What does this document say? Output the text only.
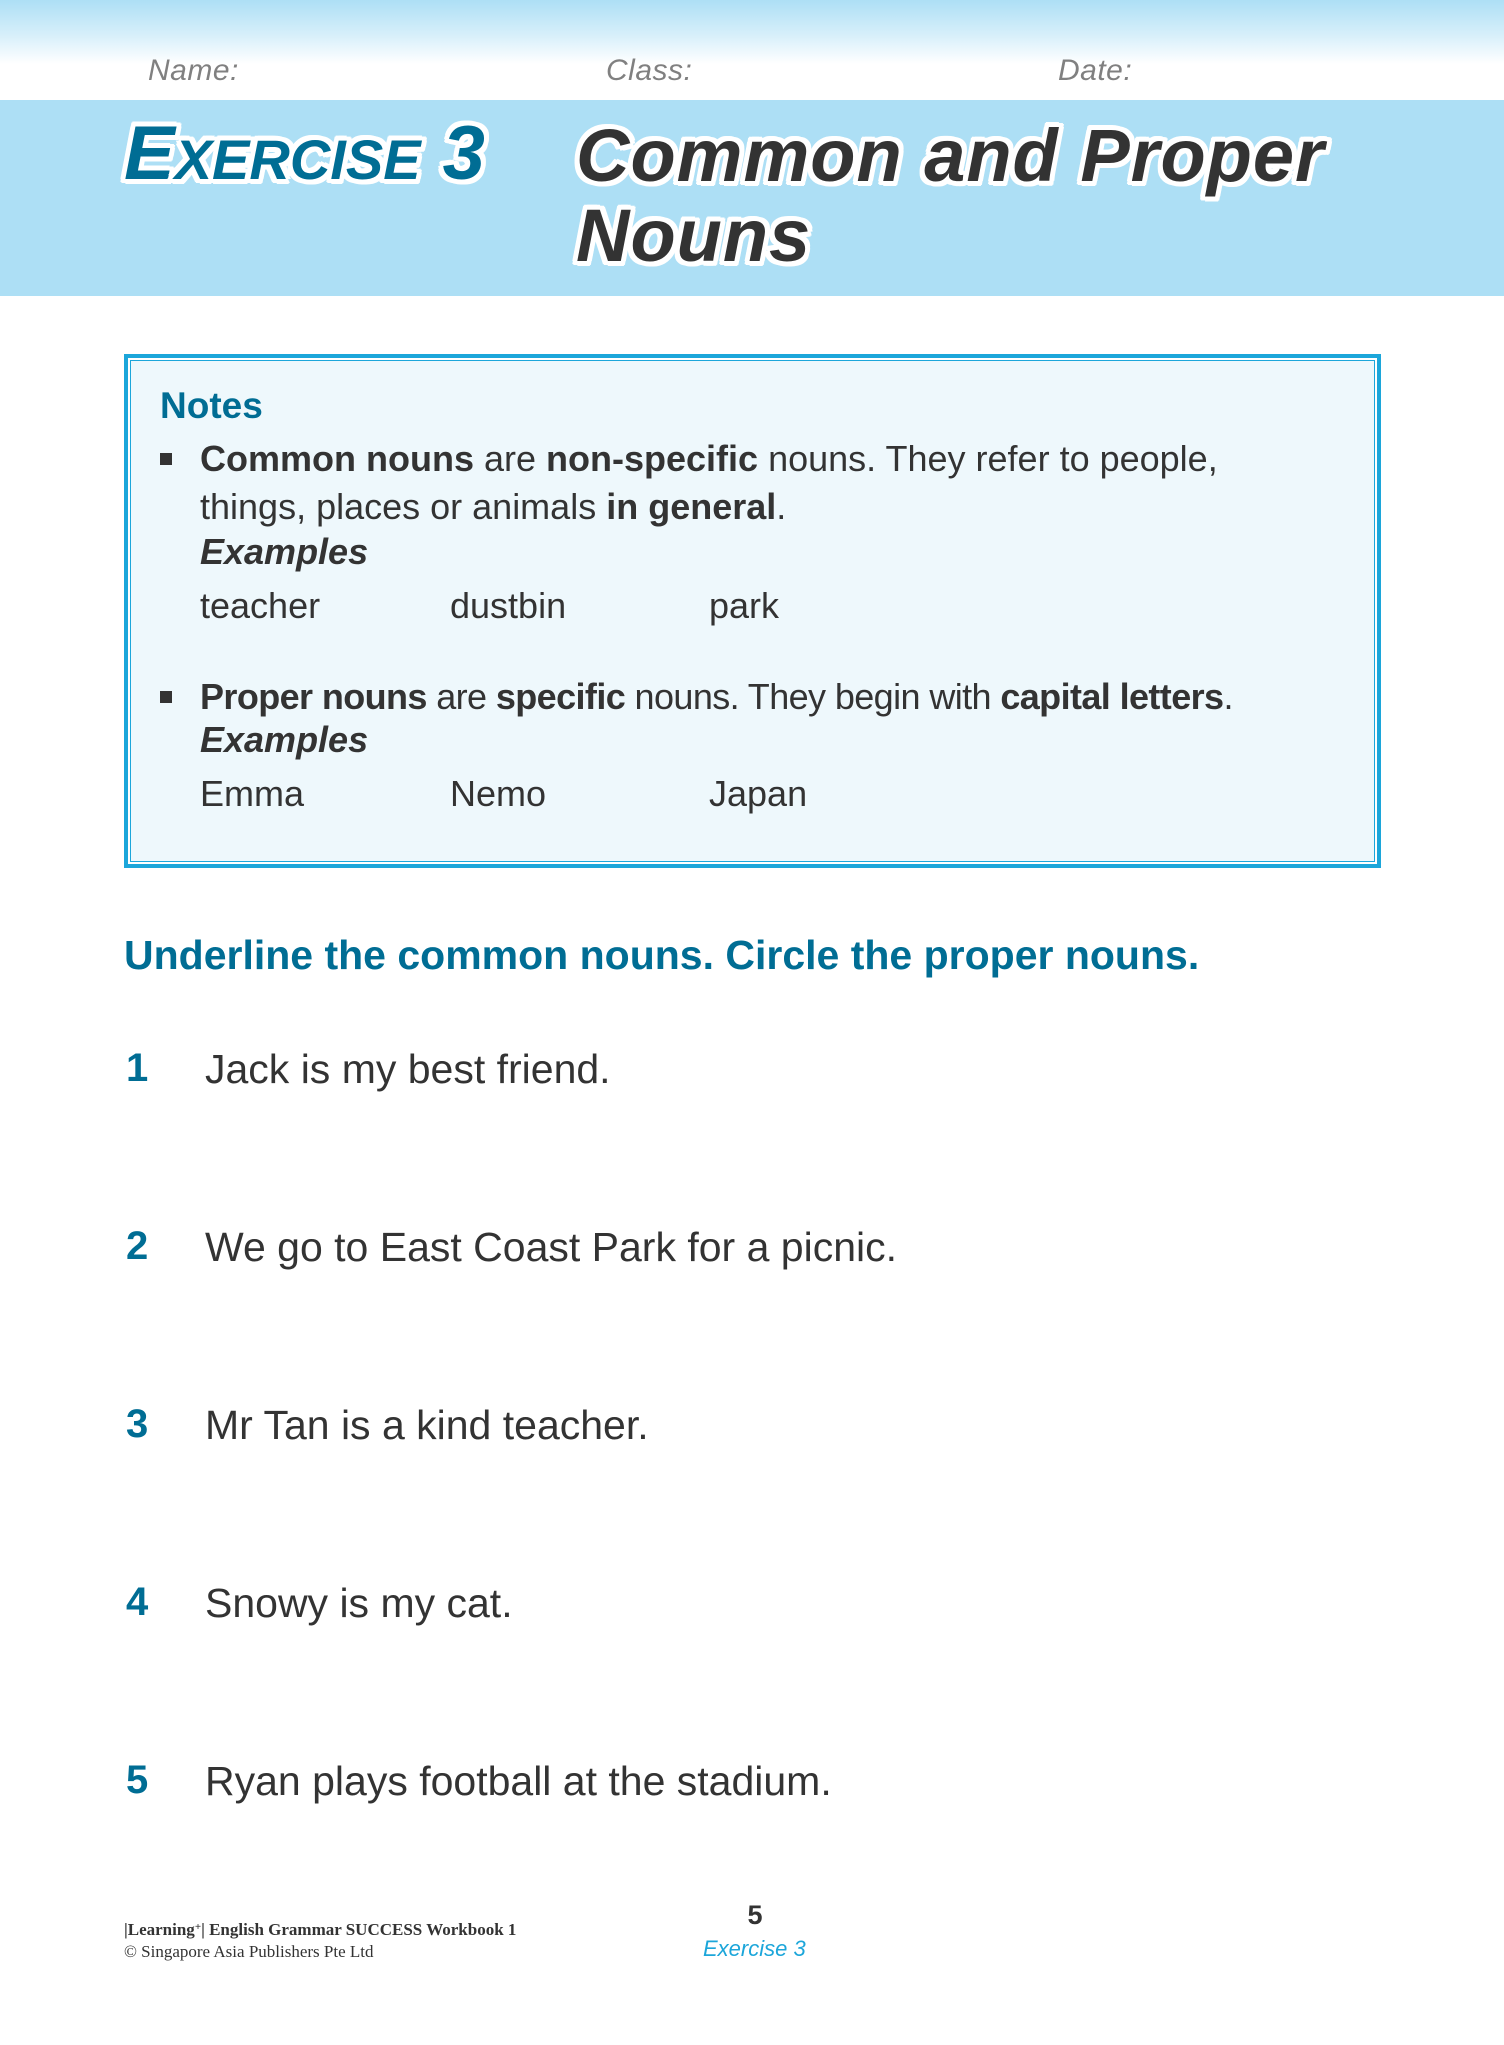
Name:	Class:	Date:
EXERCISE 3 Common and Proper
Nouns
Notes
Common nouns are non-specific nouns. They refer to people,
things, places or animals in general.
Examples
teacher	dustbin	park
Proper nouns are specific nouns. They begin with capital letters.
Examples
Emma	Nemo	Japan
Underline the common nouns. Circle the proper nouns.
1 Jack is my best friend.
2 We go to East Coast Park for a picnic.
3 Mr Tan is a kind teacher.
4 Snowy is my cat.
5 Ryan plays football at the stadium.
|Learning+| English Grammar SUCCESS Workbook 1
© Singapore Asia Publishers Pte Ltd
5
Exercise 3
